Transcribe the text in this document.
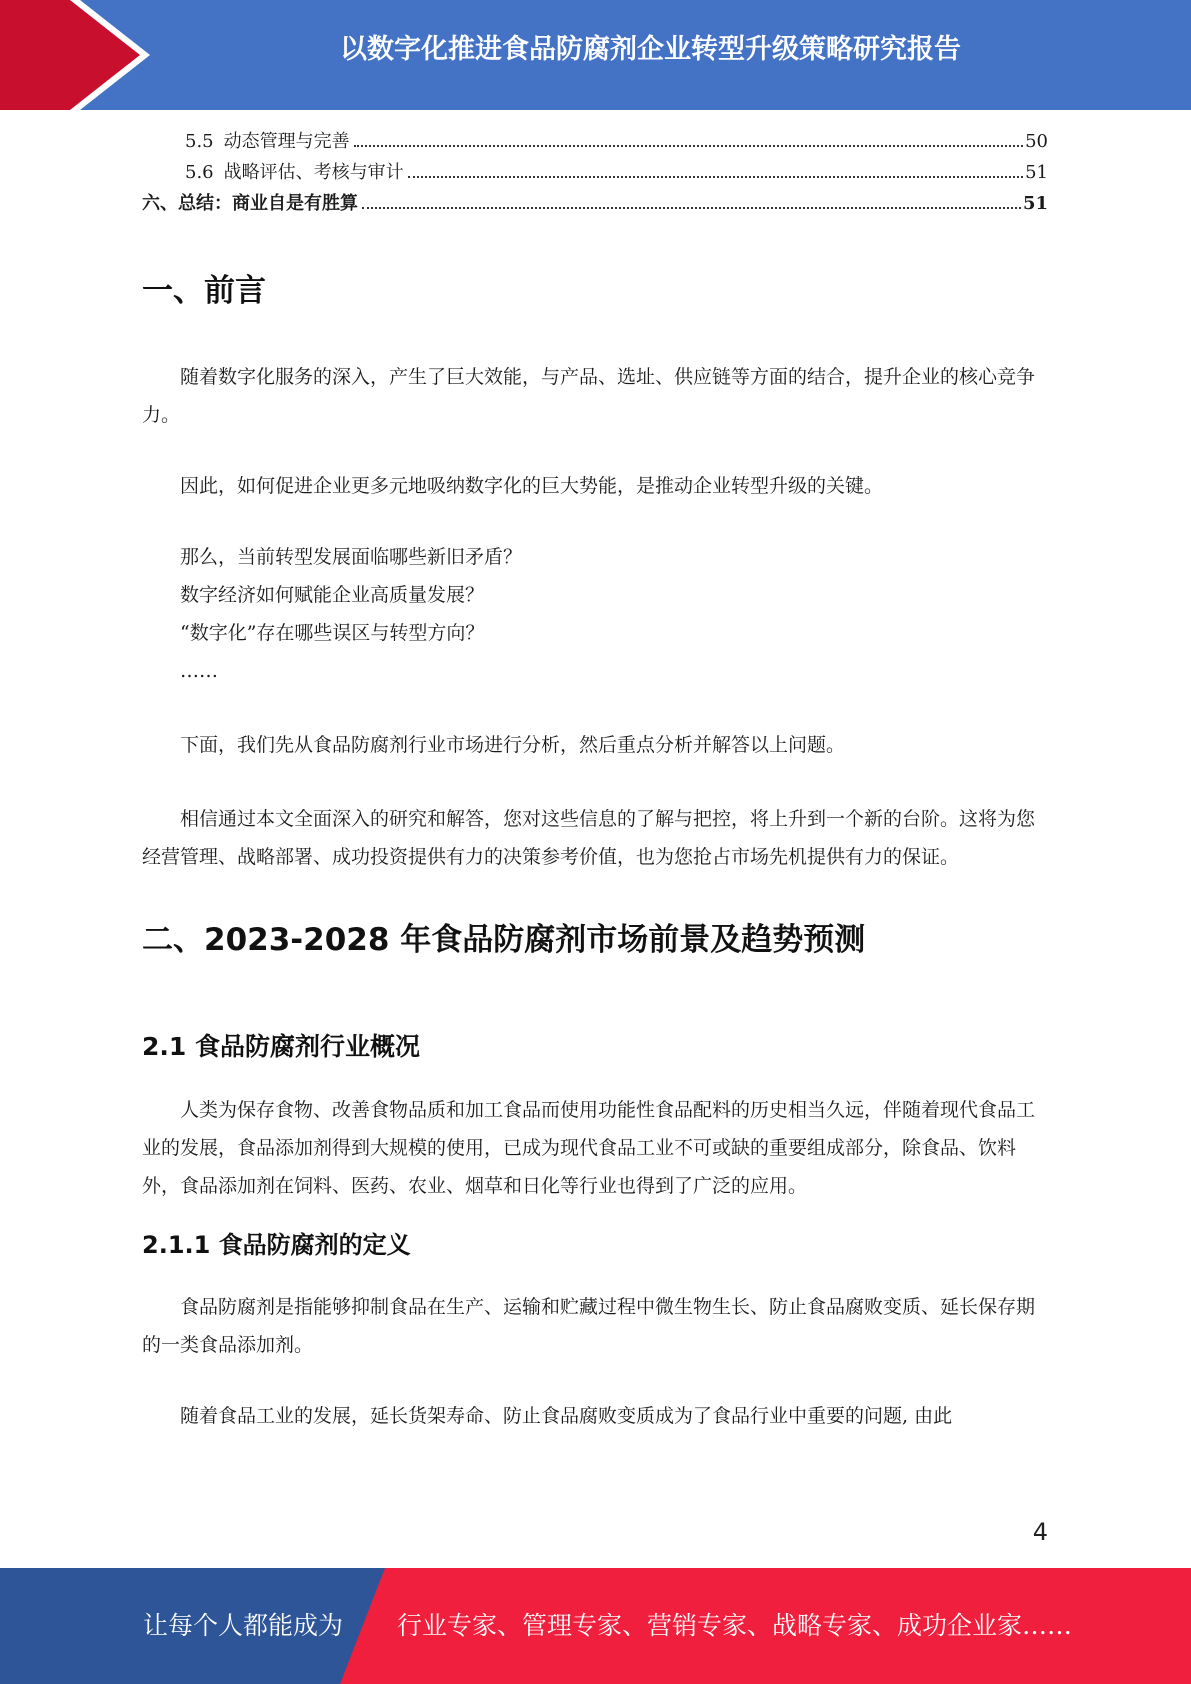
以数字化推进食品防腐剂企业转型升级策略研究报告
5.5 动态管理与完善	50
5.6 战略评估、考核与审计	51
六、总结：商业自是有胜算	51
一、前言

随着数字化服务的深入，产生了巨大效能，与产品、选址、供应链等方面的结合，提升企业的核心竞争力。

因此，如何促进企业更多元地吸纳数字化的巨大势能，是推动企业转型升级的关键。

那么，当前转型发展面临哪些新旧矛盾？
数字经济如何赋能企业高质量发展？
“数字化”存在哪些误区与转型方向？
……

下面，我们先从食品防腐剂行业市场进行分析，然后重点分析并解答以上问题。

相信通过本文全面深入的研究和解答，您对这些信息的了解与把控，将上升到一个新的台阶。这将为您经营管理、战略部署、成功投资提供有力的决策参考价值，也为您抢占市场先机提供有力的保证。

二、2023-2028 年食品防腐剂市场前景及趋势预测
2.1 食品防腐剂行业概况

人类为保存食物、改善食物品质和加工食品而使用功能性食品配料的历史相当久远，伴随着现代食品工业的发展，食品添加剂得到大规模的使用，已成为现代食品工业不可或缺的重要组成部分，除食品、饮料外，食品添加剂在饲料、医药、农业、烟草和日化等行业也得到了广泛的应用。

2.1.1 食品防腐剂的定义

食品防腐剂是指能够抑制食品在生产、运输和贮藏过程中微生物生长、防止食品腐败变质、延长保存期的一类食品添加剂。

随着食品工业的发展，延长货架寿命、防止食品腐败变质成为了食品行业中重要的问题, 由此

4
让每个人都能成为 行业专家、管理专家、营销专家、战略专家、成功企业家……
